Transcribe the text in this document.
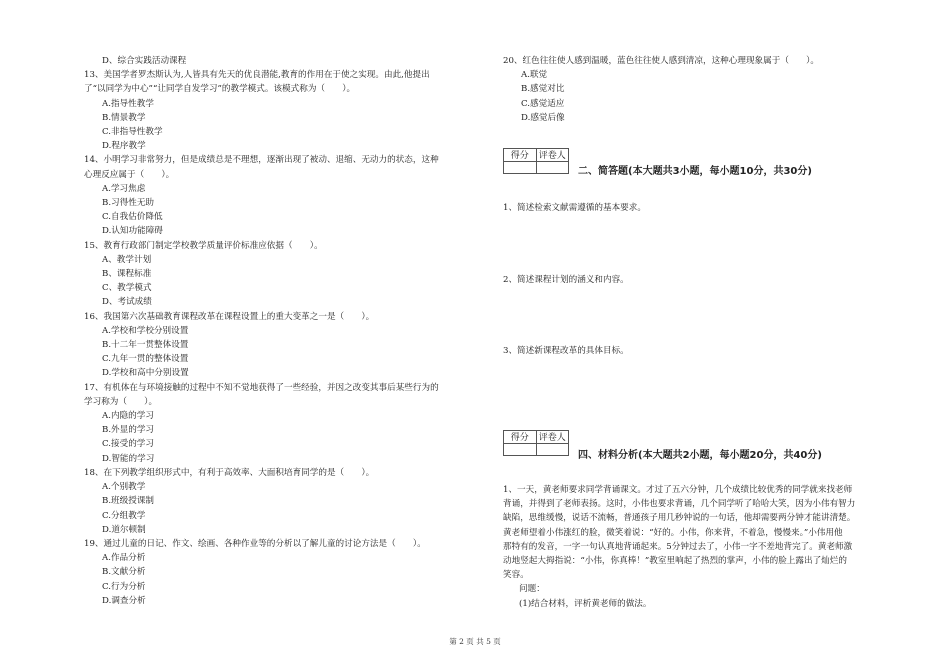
D、综合实践活动课程
13、美国学者罗杰斯认为,人皆具有先天的优良潜能,教育的作用在于使之实现。由此,他提出
了“以同学为中心”“让同学自发学习”的教学模式。该模式称为（　　）。
A.指导性教学
B.情景教学
C.非指导性教学
D.程序教学
14、小明学习非常努力，但是成绩总是不理想，逐渐出现了被动、退缩、无动力的状态，这种
心理反应属于（　　）。
A.学习焦虑
B.习得性无助
C.自我估价降低
D.认知功能障碍
15、教育行政部门制定学校教学质量评价标准应依据（　　）。
A、教学计划
B、课程标准
C、教学模式
D、考试成绩
16、我国第六次基础教育课程改革在课程设置上的重大变革之一是（　　）。
A.学校和学校分别设置
B.十二年一贯整体设置
C.九年一贯的整体设置
D.学校和高中分别设置
17、有机体在与环境接触的过程中不知不觉地获得了一些经验，并因之改变其事后某些行为的
学习称为（　　）。
A.内隐的学习
B.外显的学习
C.接受的学习
D.智能的学习
18、在下列教学组织形式中，有利于高效率、大面积培育同学的是（　　）。
A.个别教学
B.班级授课制
C.分组教学
D.道尔顿制
19、通过儿童的日记、作文、绘画、各种作业等的分析以了解儿童的讨论方法是（　　）。
A.作品分析
B.文献分析
C.行为分析
D.调查分析
20、红色往往使人感到温暖，蓝色往往使人感到清凉，这种心理现象属于（　　）。
A.联觉
B.感觉对比
C.感觉适应
D.感觉后像
得分	评卷人
二、简答题(本大题共3小题，每小题10分，共30分)
1、简述检索文献需遵循的基本要求。
2、简述课程计划的涵义和内容。
3、简述新课程改革的具体目标。
得分	评卷人
四、材料分析(本大题共2小题，每小题20分，共40分)
1、一天，黄老师要求同学背诵课文。才过了五六分钟，几个成绩比较优秀的同学就来找老师
背诵，并得到了老师表扬。这时，小伟也要求背诵，几个同学听了哈哈大笑，因为小伟有智力
缺陷，思维缓慢，说话不流畅，普通孩子用几秒钟说的一句话，他却需要两分钟才能讲清楚。
黄老师望着小伟涨红的脸，微笑着说：“好的。小伟，你来背，不着急，慢慢来。”小伟用他
那特有的发音，一字一句认真地背诵起来。5分钟过去了，小伟一字不差地背完了。黄老师激
动地竖起大拇指说：“小伟，你真棒！”教室里响起了热烈的掌声，小伟的脸上露出了灿烂的
笑容。
问题：
(1)结合材料，评析黄老师的做法。
第 2 页 共 5 页
